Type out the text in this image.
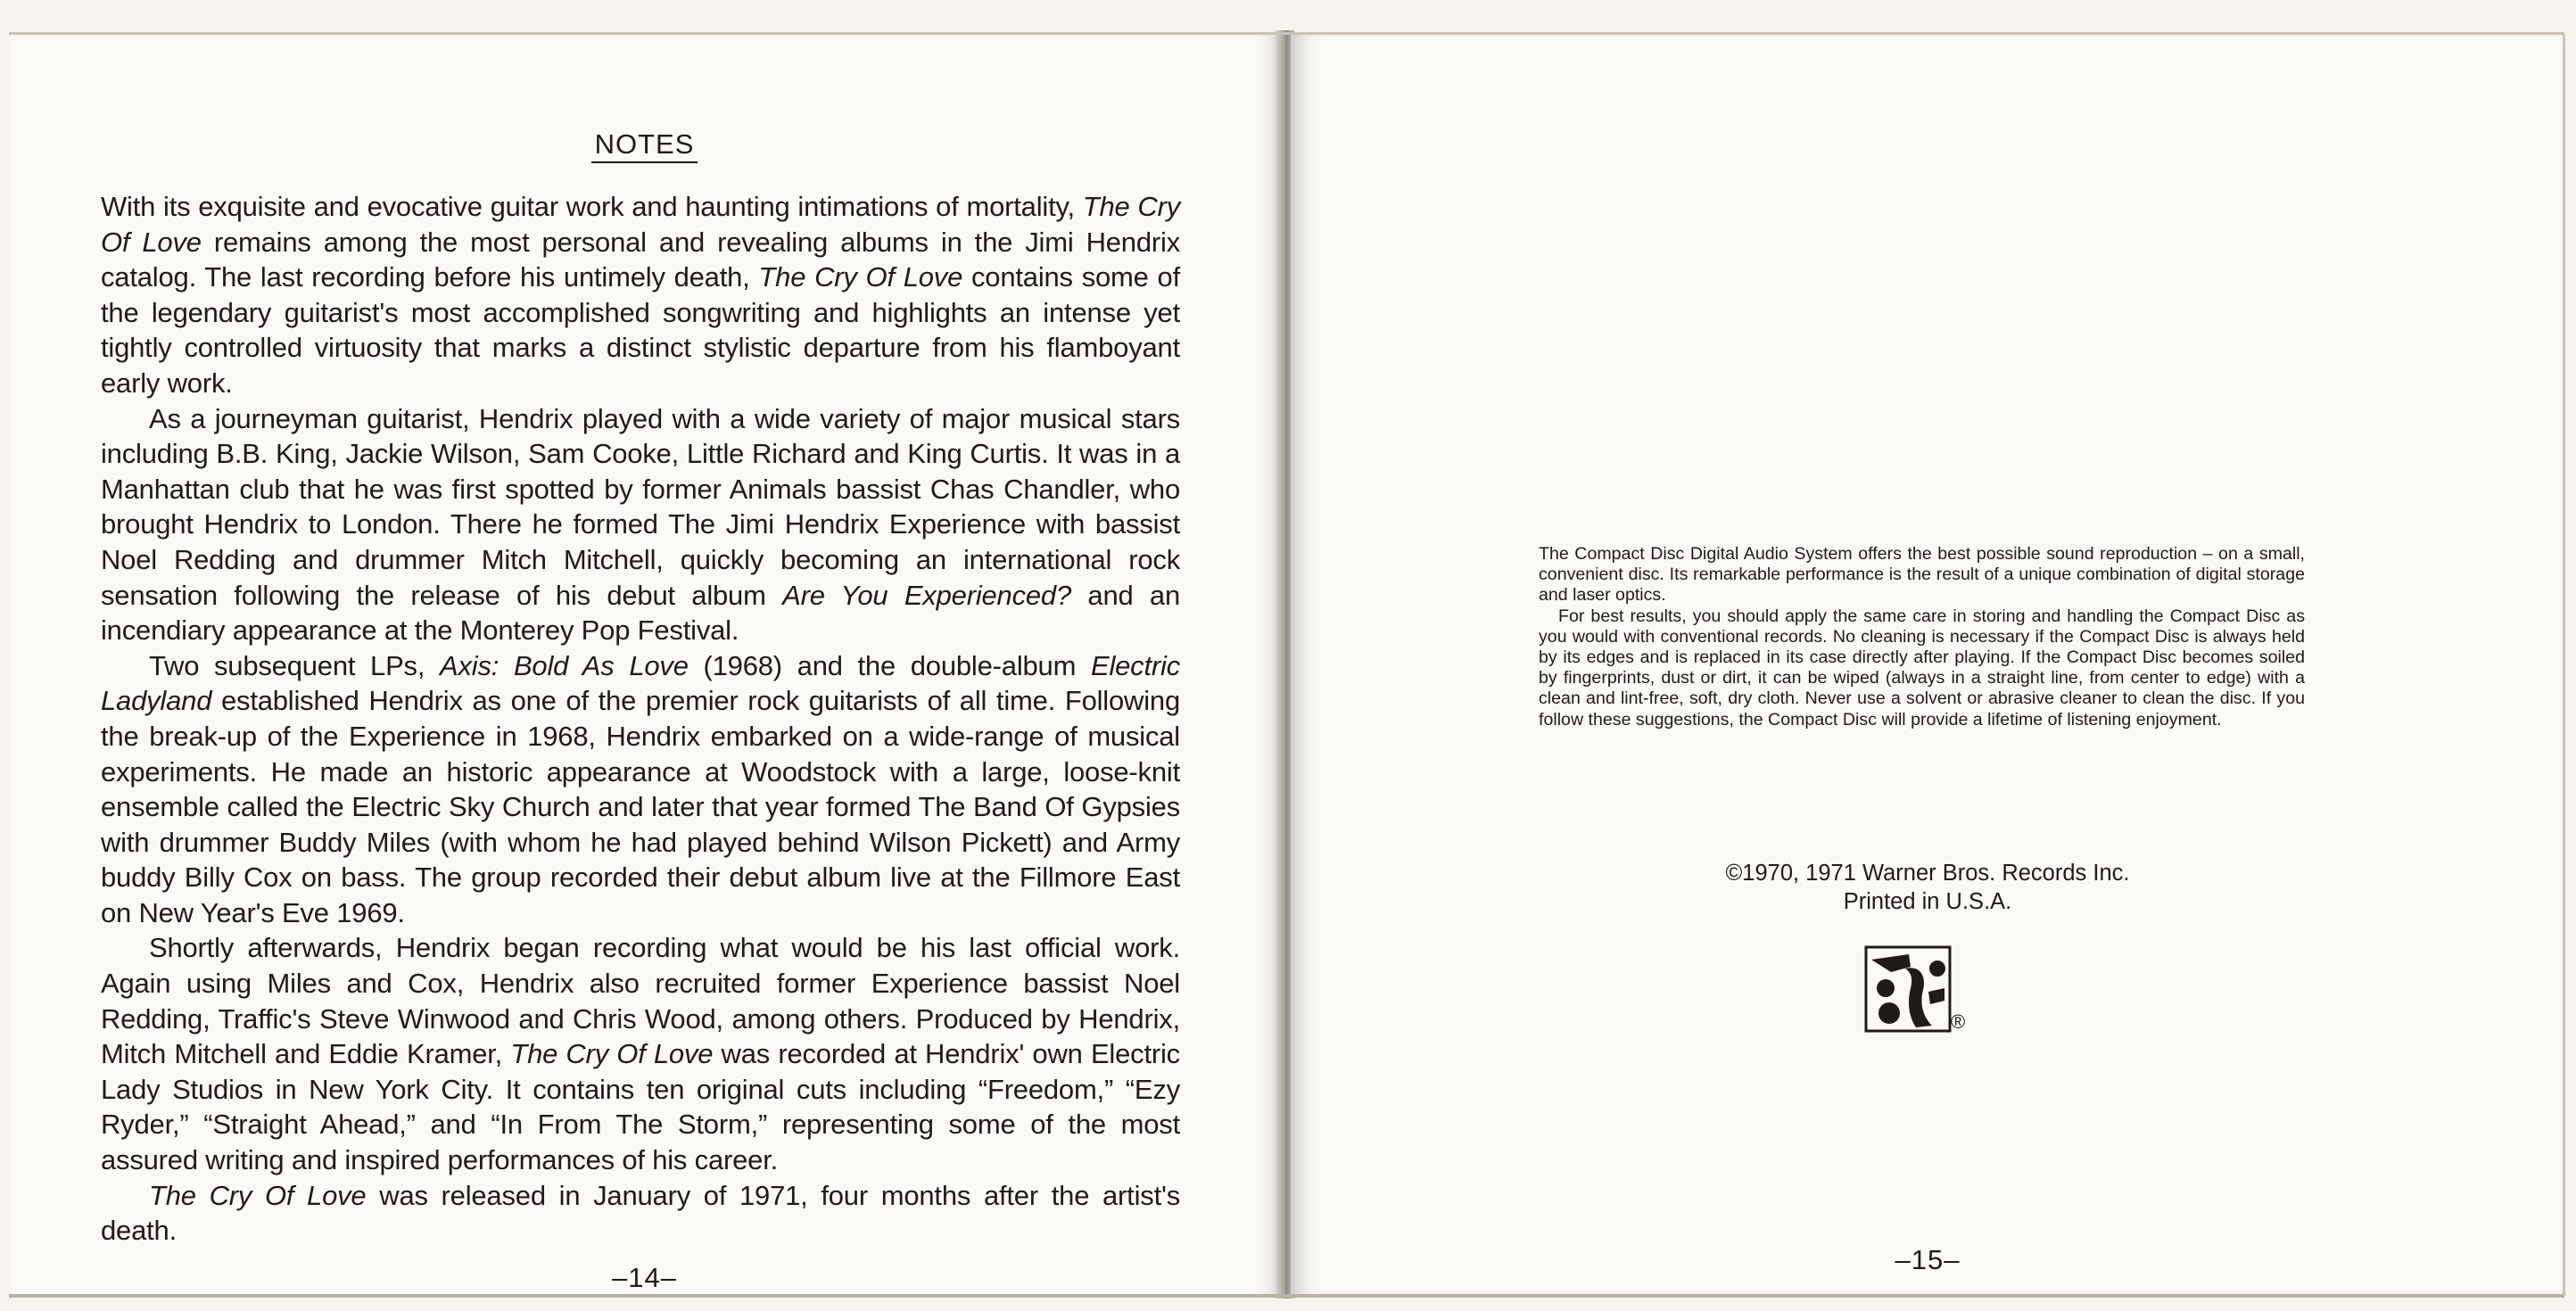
NOTES

With its exquisite and evocative guitar work and haunting intimations of mortality, The Cry Of Love remains among the most personal and revealing albums in the Jimi Hendrix catalog. The last recording before his untimely death, The Cry Of Love contains some of the legendary guitarist's most accomplished songwriting and highlights an intense yet tightly controlled virtuosity that marks a distinct stylistic departure from his flamboyant early work.

As a journeyman guitarist, Hendrix played with a wide variety of major musical stars including B.B. King, Jackie Wilson, Sam Cooke, Little Richard and King Curtis. It was in a Manhattan club that he was first spotted by former Animals bassist Chas Chandler, who brought Hendrix to London. There he formed The Jimi Hendrix Experience with bassist Noel Redding and drummer Mitch Mitchell, quickly becoming an international rock sensation following the release of his debut album Are You Experienced? and an incendiary appearance at the Monterey Pop Festival.

Two subsequent LPs, Axis: Bold As Love (1968) and the double-album Electric Ladyland established Hendrix as one of the premier rock guitarists of all time. Following the break-up of the Experience in 1968, Hendrix embarked on a wide-range of musical experiments. He made an historic appearance at Woodstock with a large, loose-knit ensemble called the Electric Sky Church and later that year formed The Band Of Gypsies with drummer Buddy Miles (with whom he had played behind Wilson Pickett) and Army buddy Billy Cox on bass. The group recorded their debut album live at the Fillmore East on New Year's Eve 1969.

Shortly afterwards, Hendrix began recording what would be his last official work. Again using Miles and Cox, Hendrix also recruited former Experience bassist Noel Redding, Traffic's Steve Winwood and Chris Wood, among others. Produced by Hendrix, Mitch Mitchell and Eddie Kramer, The Cry Of Love was recorded at Hendrix' own Electric Lady Studios in New York City. It contains ten original cuts including “Freedom,” “Ezy Ryder,” “Straight Ahead,” and “In From The Storm,” representing some of the most assured writing and inspired performances of his career.

The Cry Of Love was released in January of 1971, four months after the artist's death.

–14–

The Compact Disc Digital Audio System offers the best possible sound reproduction – on a small, convenient disc. Its remarkable performance is the result of a unique combination of digital storage and laser optics.

For best results, you should apply the same care in storing and handling the Compact Disc as you would with conventional records. No cleaning is necessary if the Compact Disc is always held by its edges and is replaced in its case directly after playing. If the Compact Disc becomes soiled by fingerprints, dust or dirt, it can be wiped (always in a straight line, from center to edge) with a clean and lint-free, soft, dry cloth. Never use a solvent or abrasive cleaner to clean the disc. If you follow these suggestions, the Compact Disc will provide a lifetime of listening enjoyment.

©1970, 1971 Warner Bros. Records Inc.
Printed in U.S.A.
®
–15–
